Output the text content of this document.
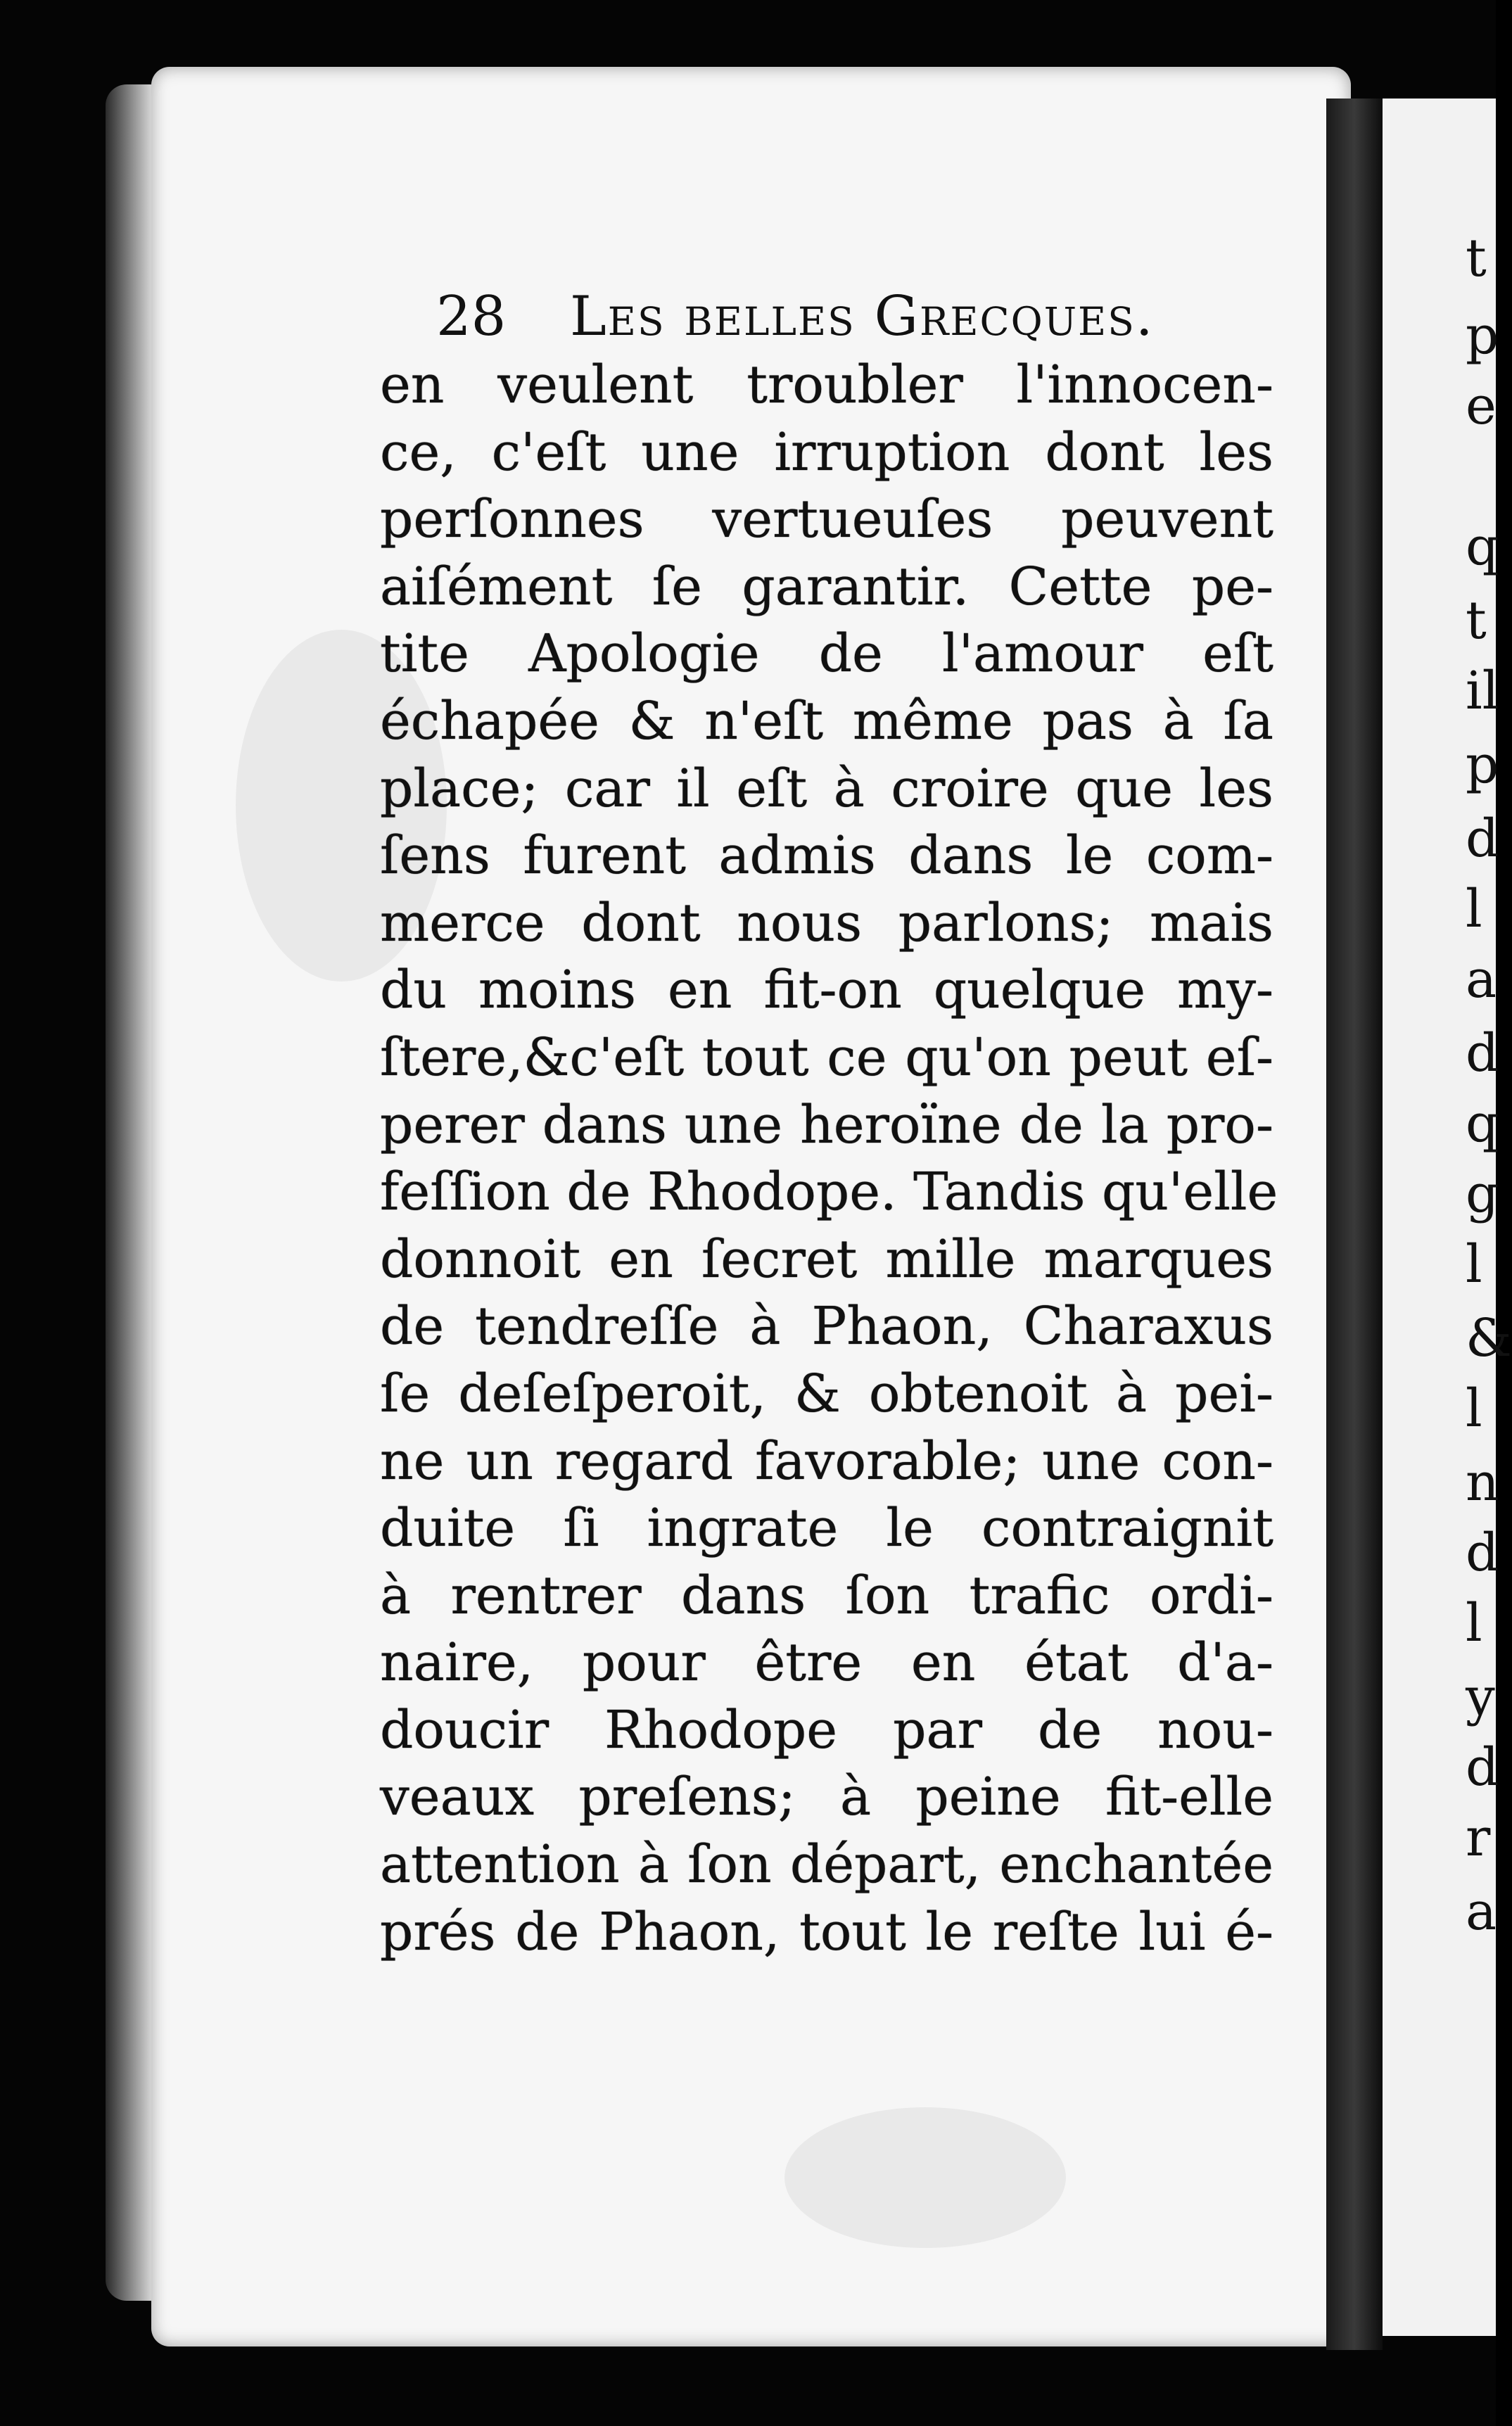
t
p
e
q
t
il
p
d
l
a
d
q
g
l
&
l
n
d
l
y
d
r
a
28 Les belles Grecques.
en veulent troubler l'innocen-
ce, c'eſt une irruption dont les
perſonnes vertueuſes peuvent
aiſément ſe garantir. Cette pe-
tite Apologie de l'amour eſt
échapée & n'eſt même pas à ſa
place; car il eſt à croire que les
ſens furent admis dans le com-
merce dont nous parlons; mais
du moins en fit-on quelque my-
ſtere,&c'eſt tout ce qu'on peut eſ-
perer dans une heroïne de la pro-
feſſion de Rhodope. Tandis qu'elle
donnoit en ſecret mille marques
de tendreſſe à Phaon, Charaxus
ſe deſeſperoit, & obtenoit à pei-
ne un regard favorable; une con-
duite ſi ingrate le contraignit
à rentrer dans ſon trafic ordi-
naire, pour être en état d'a-
doucir Rhodope par de nou-
veaux preſens; à peine fit-elle
attention à ſon départ, enchantée
prés de Phaon, tout le reſte lui é-
